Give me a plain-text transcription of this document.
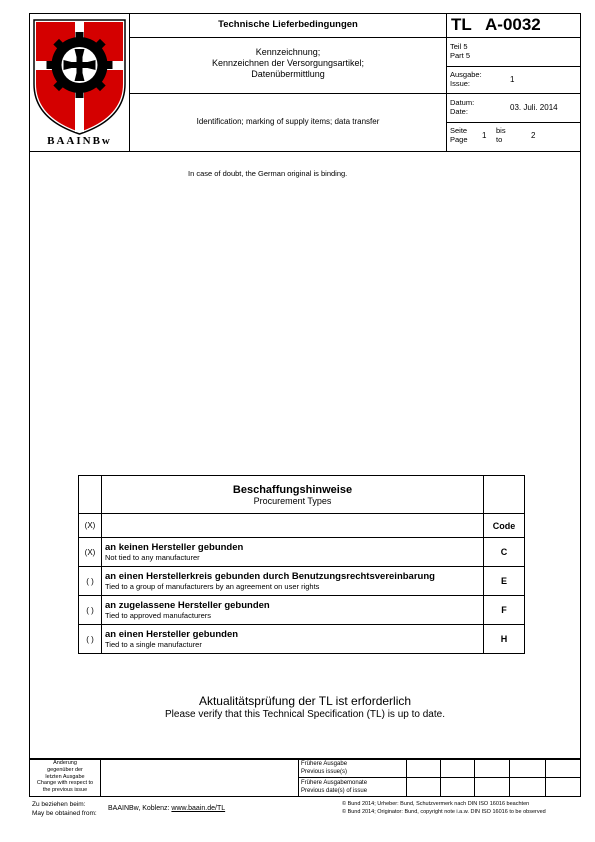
BAAINBw
Technische Lieferbedingungen	TL   A-0032
Kennzeichnung;
Kennzeichnen der Versorgungsartikel;
Datenübermittlung
Identification; marking of supply items; data transfer
Teil 5
Part 5
Ausgabe:
Issue:	1
Datum:
Date:	03. Juli. 2014
Seite
Page 1
bis
to	2
In case of doubt, the German original is binding.

	Beschaffungshinweise
Procurement Types	

(X)		Code
(X)	an keinen Hersteller gebunden
Not tied to any manufacturer	C
( )	an einen Herstellerkreis gebunden durch Benutzungsrechtsvereinbarung
Tied to a group of manufacturers by an agreement on user rights	E
( )	an zugelassene Hersteller gebunden
Tied to approved manufacturers	F
( )	an einen Hersteller gebunden
Tied to a single manufacturer	H
Aktualitätsprüfung der TL ist erforderlich
Please verify that this Technical Specification (TL) is up to date.
Änderung
gegenüber der
letzten Ausgabe
Change with respect to
the previous issue
Frühere Ausgabe
Previous issue(s)
Frühere Ausgabemonate
Previous date(s) of issue
Zu beziehen beim:
May be obtained from:
BAAINBw, Koblenz: www.baain.de/TL
© Bund 2014; Urheber: Bund, Schutzvermerk nach DIN ISO 16016 beachten
© Bund 2014; Originator: Bund, copyright note i.a.w. DIN ISO 16016 to be observed
